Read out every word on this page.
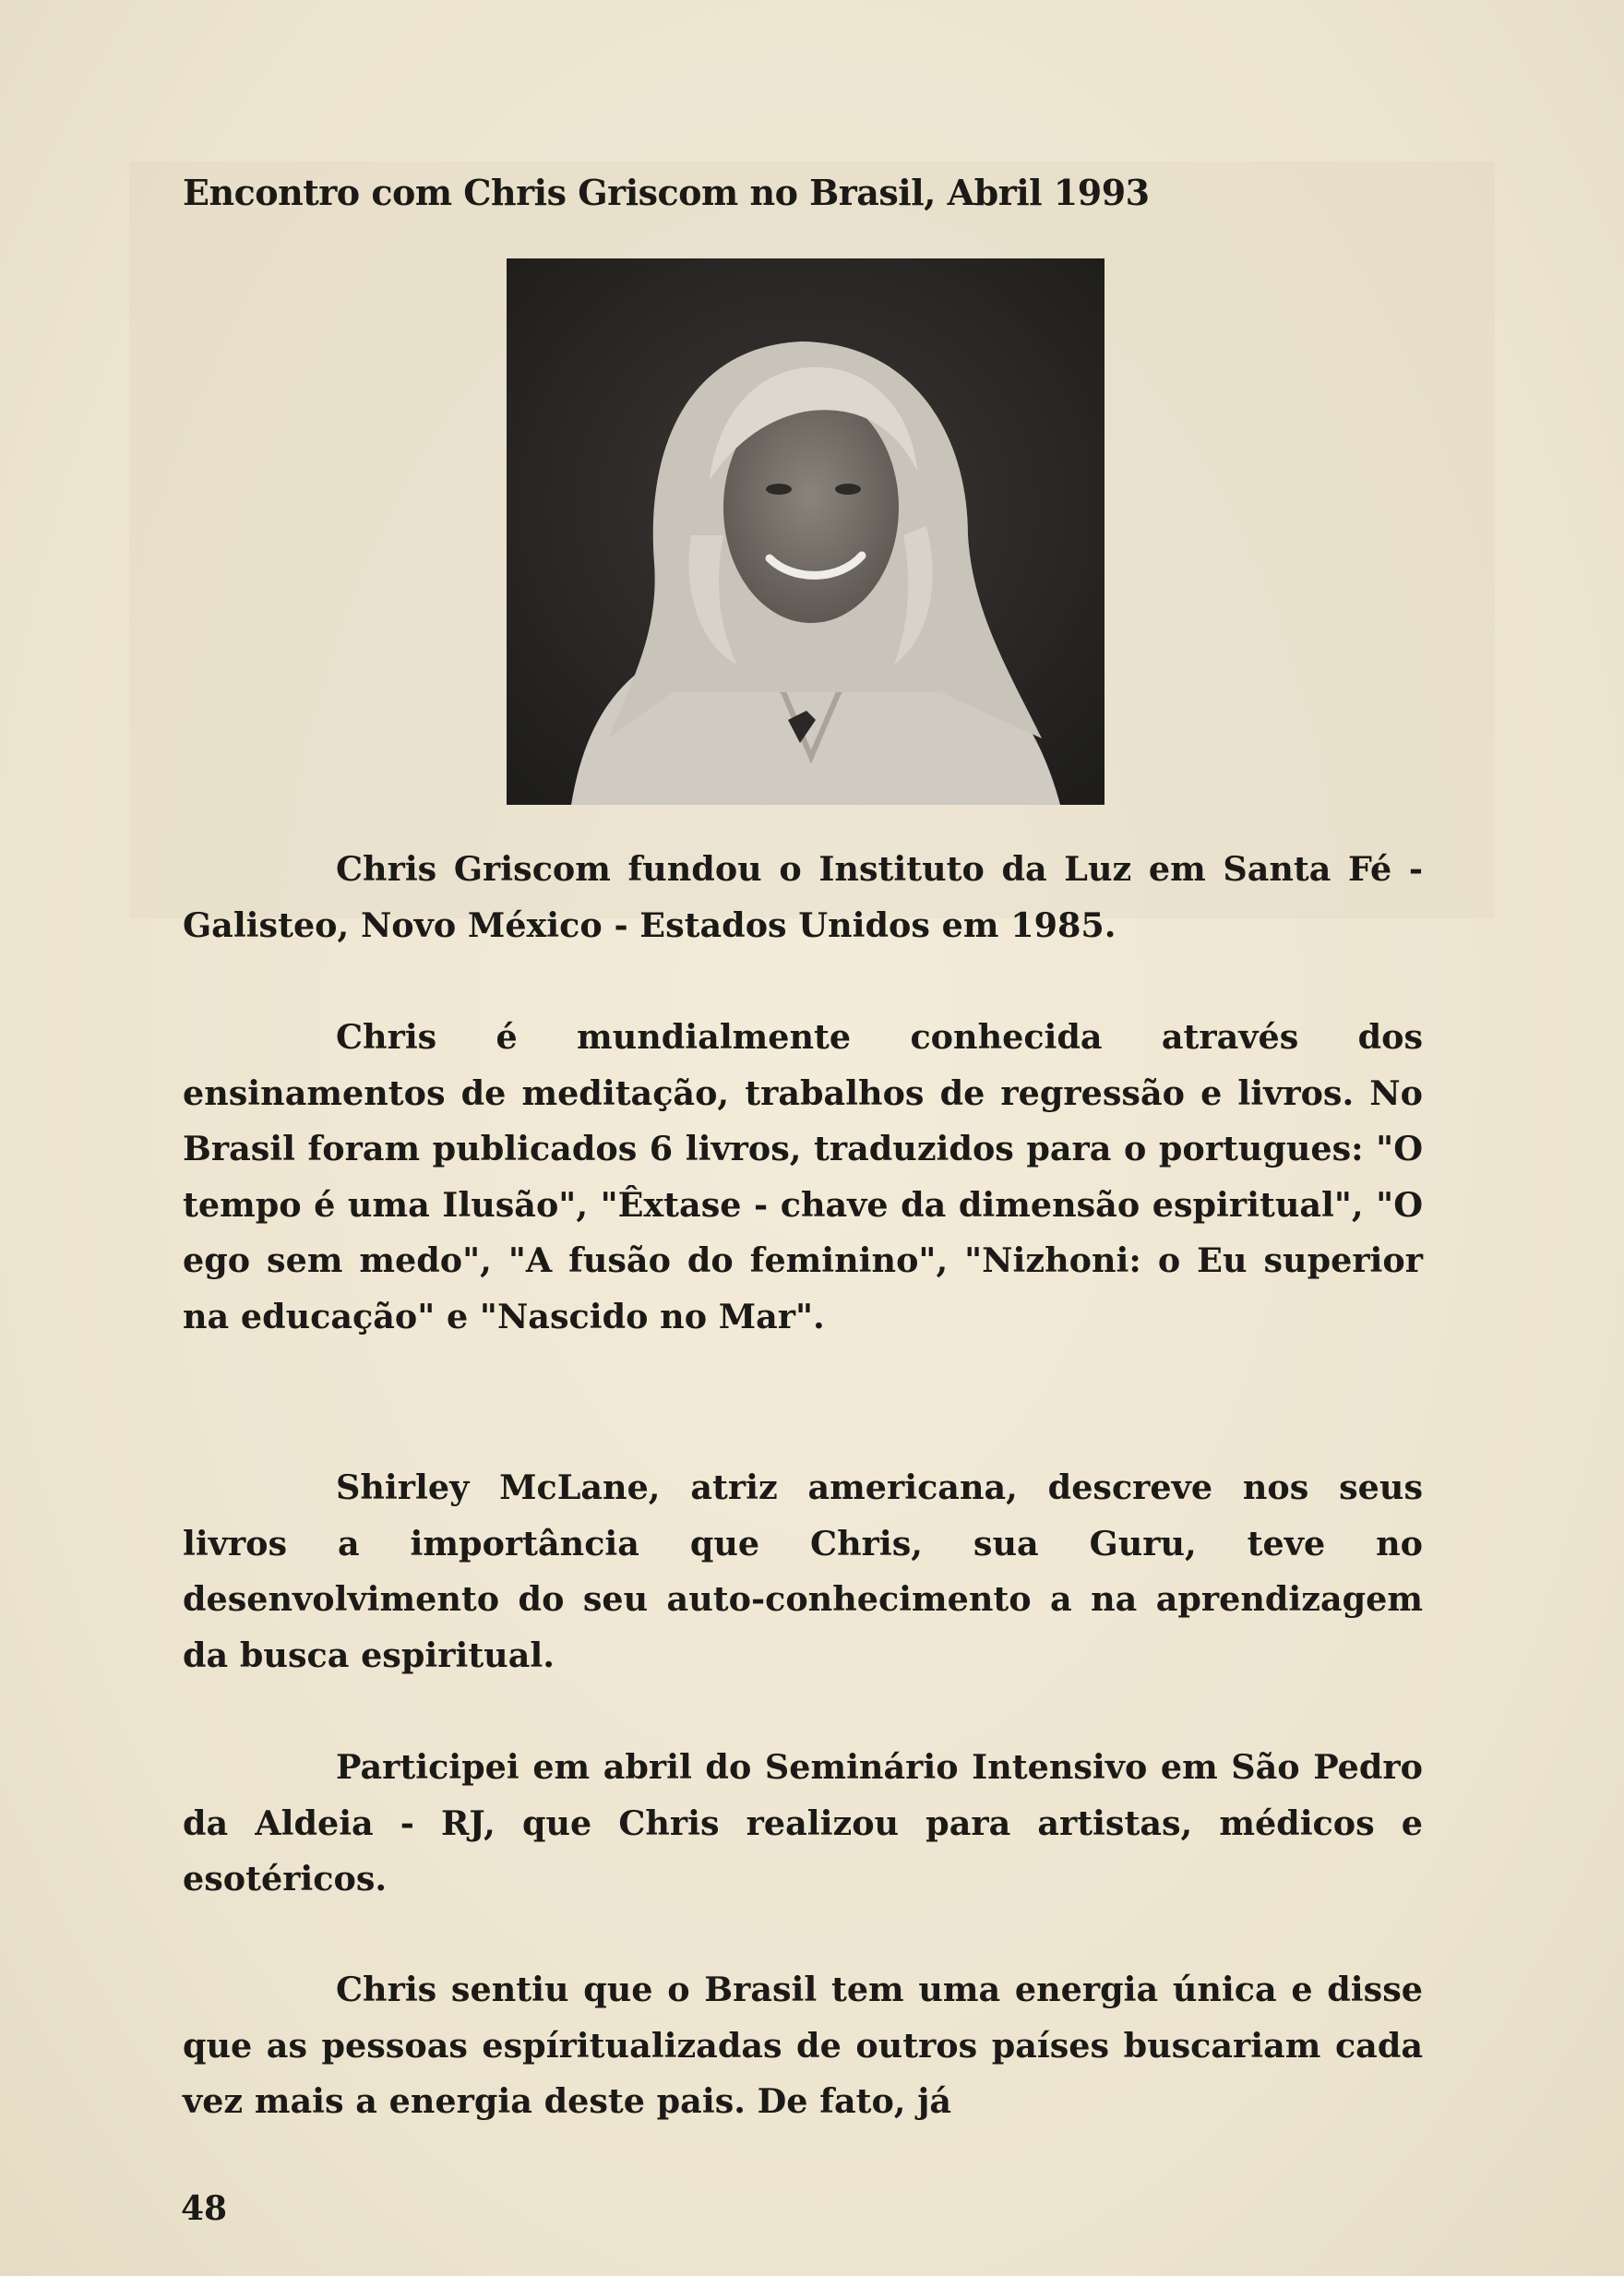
Encontro com Chris Griscom no Brasil, Abril 1993

Chris Griscom fundou o Instituto da Luz em Santa Fé - Galisteo, Novo México - Estados Unidos em 1985.

Chris é mundialmente conhecida através dos ensinamentos de meditação, trabalhos de regressão e livros. No Brasil foram publicados 6 livros, traduzidos para o portugues: "O tempo é uma Ilusão", "Êxtase - chave da dimensão espiritual", "O ego sem medo", "A fusão do feminino", "Nizhoni: o Eu superior na educação" e "Nascido no Mar".

Shirley McLane, atriz americana, descreve nos seus livros a importância que Chris, sua Guru, teve no desenvolvimento do seu auto-conhecimento a na aprendizagem da busca espiritual.

Participei em abril do Seminário Intensivo em São Pedro da Aldeia - RJ, que Chris realizou para artistas, médicos e esotéricos.

Chris sentiu que o Brasil tem uma energia única e disse que as pessoas espíritualizadas de outros países buscariam cada vez mais a energia deste pais. De fato, já

48
